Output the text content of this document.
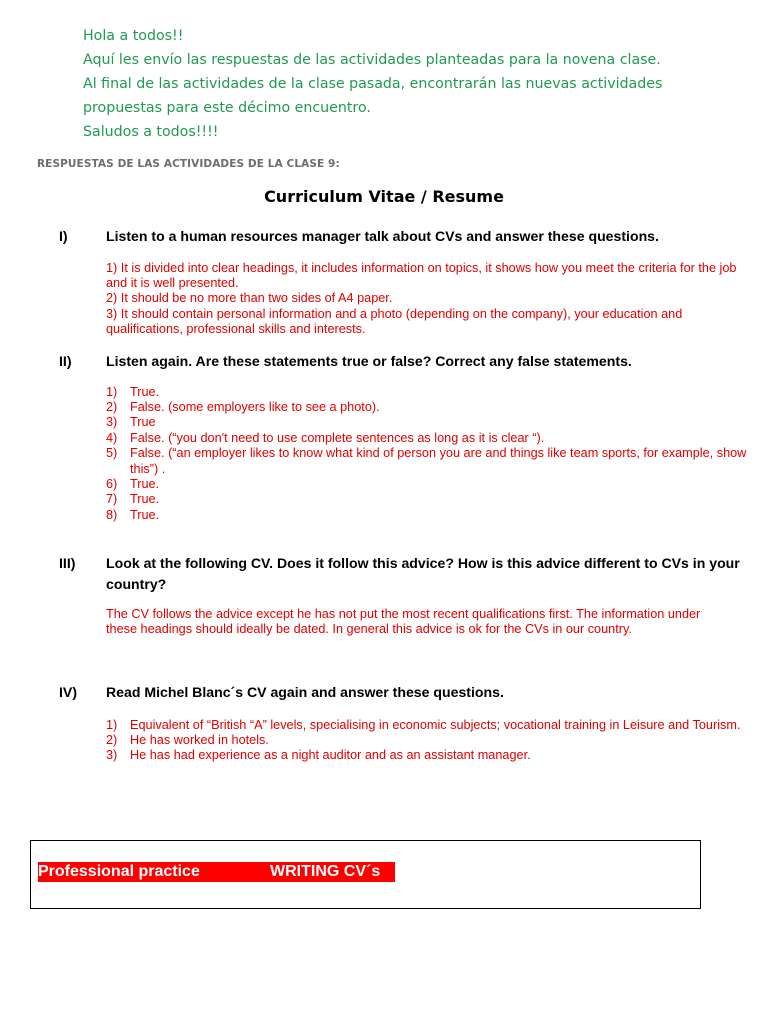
Hola a todos!!
Aquí les envío las respuestas de las actividades planteadas para la novena clase.
Al final de las actividades de la clase pasada, encontrarán las nuevas actividades
propuestas para este décimo encuentro.
Saludos a todos!!!!
RESPUESTAS DE LAS ACTIVIDADES DE LA CLASE 9:
Curriculum Vitae / Resume
I)	Listen to a human resources manager talk about CVs and answer these questions.
1) It is divided into clear headings, it includes information on topics, it shows how you meet the criteria for the job and it is well presented.
2) It should be no more than two sides of A4 paper.
3) It should contain personal information and a photo (depending on the company), your education and qualifications, professional skills and interests.
II) Listen again. Are these statements true or false? Correct any false statements.
1) True.
2) False. (some employers like to see a photo).
3) True
4) False. (“you don't need to use complete sentences as long as it is clear “).
5) False. (“an employer likes to know what kind of person you are and things like team sports, for example, show this”) .
6) True.
7) True.
8) True.
III) Look at the following CV. Does it follow this advice? How is this advice different to CVs in your country?
The CV follows the advice except he has not put the most recent qualifications first. The information under these headings should ideally be dated. In general this advice is ok for the CVs in our country.
IV) Read Michel Blanc´s CV again and answer these questions.
1) Equivalent of “British “A” levels, specialising in economic subjects; vocational training in Leisure and Tourism.
2) He has worked in hotels.
3) He has had experience as a night auditor and as an assistant manager.
Professional practice	WRITING CV´s
